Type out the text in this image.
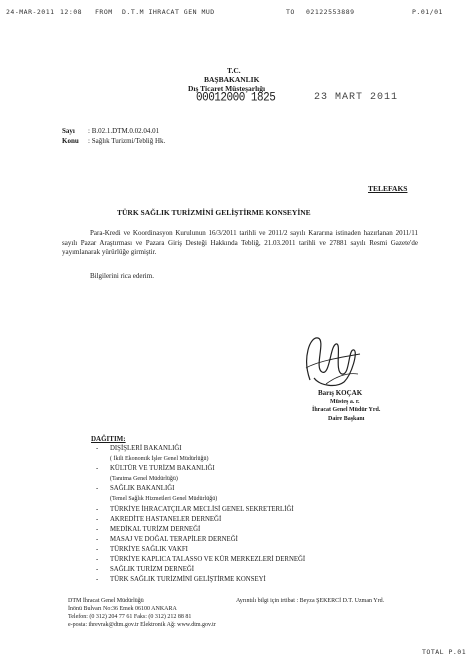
24-MAR-2011 12:08 FROM D.T.M IHRACAT GEN MUD	TO 02122553889	P.01/01
T.C.
BAŞBAKANLIK
Dış Ticaret Müsteşarlığı
00012000 1825	23 MART 2011
Sayı : B.02.1.DTM.0.02.04.01
Konu : Sağlık Turizmi/Tebliğ Hk.
TELEFAKS
TÜRK SAĞLIK TURİZMİNİ GELİŞTİRME KONSEYİNE
Para-Kredi ve Koordinasyon Kurulunun 16/3/2011 tarihli ve 2011/2 sayılı Kararına istinaden hazırlanan 2011/11 sayılı Pazar Araştırması ve Pazara Giriş Desteği Hakkında Tebliğ, 21.03.2011 tarihli ve 27881 sayılı Resmi Gazete'de yayımlanarak yürürlüğe girmiştir.
Bilgilerini rica ederim.
Barış KOÇAK
Müsteş a. r.
İhracat Genel Müdür Yrd.
Daire Başkanı
DAĞITIM:
- DIŞİŞLERİ BAKANLIĞI
( İkili Ekonomik İşler Genel Müdürlüğü)
- KÜLTÜR VE TURİZM BAKANLIĞI
(Tanıtma Genel Müdürlüğü)
- SAĞLIK BAKANLIĞI
(Temel Sağlık Hizmetleri Genel Müdürlüğü)
- TÜRKİYE İHRACATÇILAR MECLİSİ GENEL SEKRETERLİĞİ
- AKREDİTE HASTANELER DERNEĞİ
- MEDİKAL TURİZM DERNEĞİ
- MASAJ VE DOĞAL TERAPİLER DERNEĞİ
- TÜRKİYE SAĞLIK VAKFI
- TÜRKİYE KAPLICA TALASSO VE KÜR MERKEZLERİ DERNEĞİ
- SAĞLIK TURİZM DERNEĞİ
- TÜRK SAĞLIK TURİZMİNİ GELİŞTİRME KONSEYİ
DTM İhracat Genel Müdürlüğü
İnönü Bulvarı No:36 Emek 06100 ANKARA
Telefon: (0 312) 204 77 61 Faks: (0 312) 212 88 81
e-posta: ihrevrak@dtm.gov.tr Elektronik Ağ: www.dtm.gov.tr
Ayrıntılı bilgi için irtibat : Beyza ŞEKERCİ D.T. Uzman Yrd.
TOTAL P.01
